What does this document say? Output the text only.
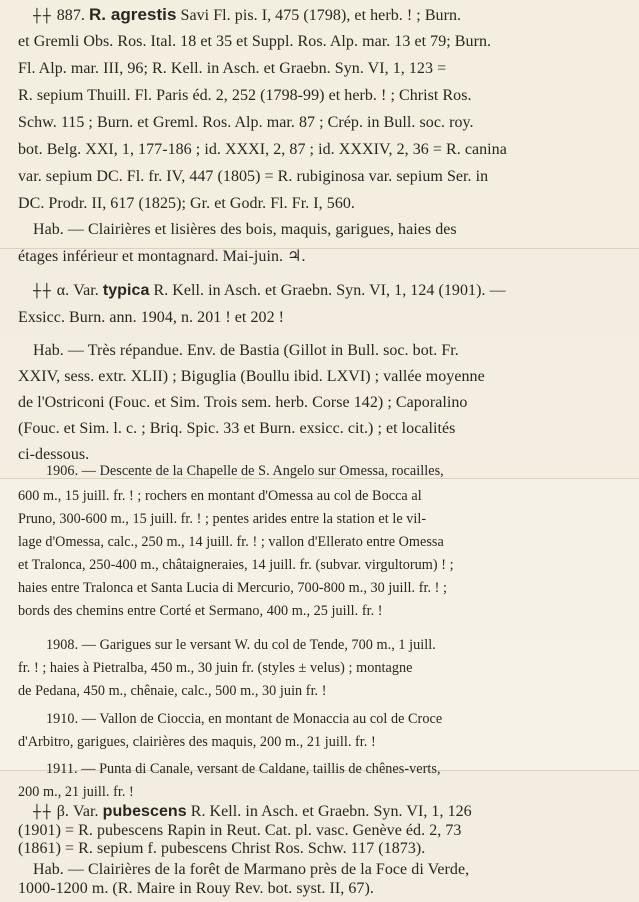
┼┼ 887. R. agrestis Savi Fl. pis. I, 475 (1798), et herb. ! ; Burn.

et Gremli Obs. Ros. Ital. 18 et 35 et Suppl. Ros. Alp. mar. 13 et 79; Burn.

Fl. Alp. mar. III, 96; R. Kell. in Asch. et Graebn. Syn. VI, 1, 123 =

R. sepium Thuill. Fl. Paris éd. 2, 252 (1798-99) et herb. ! ; Christ Ros.

Schw. 115 ; Burn. et Greml. Ros. Alp. mar. 87 ; Crép. in Bull. soc. roy.

bot. Belg. XXI, 1, 177-186 ; id. XXXI, 2, 87 ; id. XXXIV, 2, 36 = R. canina

var. sepium DC. Fl. fr. IV, 447 (1805) = R. rubiginosa var. sepium Ser. in

DC. Prodr. II, 617 (1825); Gr. et Godr. Fl. Fr. I, 560.

Hab. — Clairières et lisières des bois, maquis, garigues, haies des

étages inférieur et montagnard. Mai-juin. ♃.

┼┼ α. Var. typica R. Kell. in Asch. et Graebn. Syn. VI, 1, 124 (1901). —

Exsicc. Burn. ann. 1904, n. 201 ! et 202 !

Hab. — Très répandue. Env. de Bastia (Gillot in Bull. soc. bot. Fr.

XXIV, sess. extr. XLII) ; Biguglia (Boullu ibid. LXVI) ; vallée moyenne

de l'Ostriconi (Fouc. et Sim. Trois sem. herb. Corse 142) ; Caporalino

(Fouc. et Sim. l. c. ; Briq. Spic. 33 et Burn. exsicc. cit.) ; et localités

ci-dessous.

1906. — Descente de la Chapelle de S. Angelo sur Omessa, rocailles,

600 m., 15 juill. fr. ! ; rochers en montant d'Omessa au col de Bocca al

Pruno, 300-600 m., 15 juill. fr. ! ; pentes arides entre la station et le vil-

lage d'Omessa, calc., 250 m., 14 juill. fr. ! ; vallon d'Ellerato entre Omessa

et Tralonca, 250-400 m., châtaigneraies, 14 juill. fr. (subvar. virgultorum) ! ;

haies entre Tralonca et Santa Lucia di Mercurio, 700-800 m., 30 juill. fr. ! ;

bords des chemins entre Corté et Sermano, 400 m., 25 juill. fr. !

1908. — Garigues sur le versant W. du col de Tende, 700 m., 1 juill.

fr. ! ; haies à Pietralba, 450 m., 30 juin fr. (styles ± velus) ; montagne

de Pedana, 450 m., chênaie, calc., 500 m., 30 juin fr. !

1910. — Vallon de Cioccia, en montant de Monaccia au col de Croce

d'Arbitro, garigues, clairières des maquis, 200 m., 21 juill. fr. !

1911. — Punta di Canale, versant de Caldane, taillis de chênes-verts,

200 m., 21 juill. fr. !

┼┼ β. Var. pubescens R. Kell. in Asch. et Graebn. Syn. VI, 1, 126

(1901) = R. pubescens Rapin in Reut. Cat. pl. vasc. Genève éd. 2, 73

(1861) = R. sepium f. pubescens Christ Ros. Schw. 117 (1873).

Hab. — Clairières de la forêt de Marmano près de la Foce di Verde,

1000-1200 m. (R. Maire in Rouy Rev. bot. syst. II, 67).
